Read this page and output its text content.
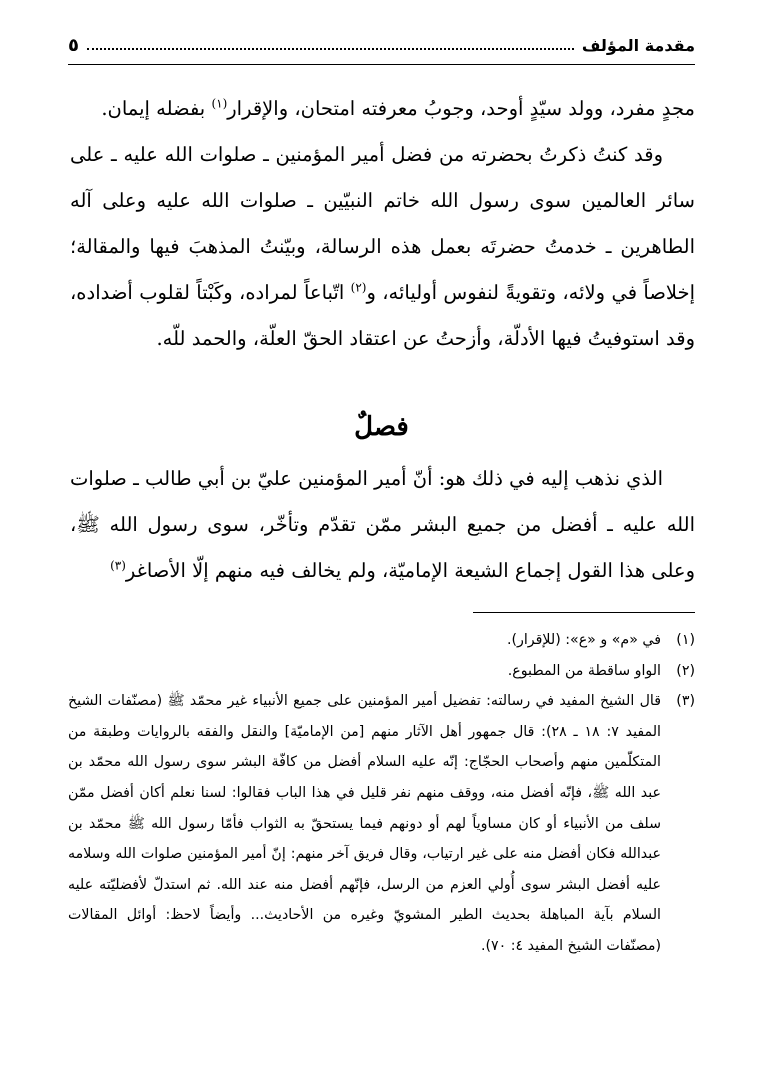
مقدمة المؤلف
٥

مجدٍ مفرد، وولد سيّدٍ أوحد، وجوبُ معرفته امتحان، والإقرار$^{(١)}$ بفضله إيمان.

وقد كنتُ ذكرتُ بحضرته من فضل أمير المؤمنين ـ صلوات الله عليه ـ على سائر العالمين سوى رسول الله خاتم النبيّين ـ صلوات الله عليه وعلى آله الطاهرين ـ خدمتُ حضرتَه بعمل هذه الرسالة، وبيّنتُ المذهبَ فيها والمقالة؛ إخلاصاً في ولائه، وتقويةً لنفوس أوليائه، و$^{(٢)}$ اتّباعاً لمراده، وكَبْتاً لقلوب أضداده، وقد استوفيتُ فيها الأدلّة، وأزحتُ عن اعتقاد الحقّ العلّة، والحمد للّه.

فصلٌ

الذي نذهب إليه في ذلك هو: أنّ أمير المؤمنين عليّ بن أبي طالب ـ صلوات الله عليه ـ أفضل من جميع البشر ممّن تقدّم وتأخّر، سوى رسول الله ﷺ، وعلى هذا القول إجماع الشيعة الإماميّة، ولم يخالف فيه منهم إلّا الأصاغر$^{(٣)}$

(١)
في «م» و «ع»: (للإقرار).
(٢)
الواو ساقطة من المطبوع.
(٣)
قال الشيخ المفيد في رسالته: تفضيل أمير المؤمنين على جميع الأنبياء غير محمّد ﷺ (مصنّفات الشيخ المفيد ٧: ١٨ ـ ٢٨): قال جمهور أهل الآثار منهم [من الإماميّة] والنقل والفقه بالروايات وطبقة من المتكلّمين منهم وأصحاب الحجّاج: إنّه عليه السلام أفضل من كافّة البشر سوى رسول الله محمّد بن عبد الله ﷺ، فإنّه أفضل منه، ووقف منهم نفر قليل في هذا الباب فقالوا: لسنا نعلم أكان أفضل ممّن سلف من الأنبياء أو كان مساوياً لهم أو دونهم فيما يستحقّ به الثواب فأمّا رسول الله ﷺ محمّد بن عبدالله فكان أفضل منه على غير ارتياب، وقال فريق آخر منهم: إنّ أمير المؤمنين صلوات الله وسلامه عليه أفضل البشر سوى أُولي العزم من الرسل، فإنّهم أفضل منه عند الله. ثم استدلّ لأفضليّته عليه السلام بآية المباهلة بحديث الطير المشويّ وغيره من الأحاديث... وأيضاً لاحظ: أوائل المقالات (مصنّفات الشيخ المفيد ٤: ٧٠).
